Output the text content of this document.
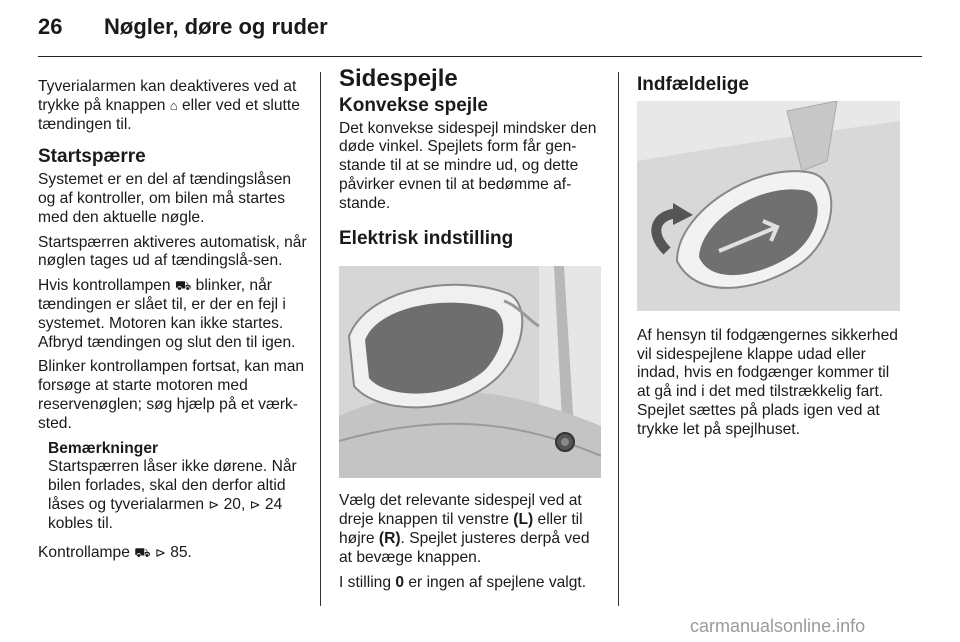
26	Nøgler, døre og ruder

Tyverialarmen kan deaktiveres ved at trykke på knappen ⌂ eller ved et slutte tændingen til.

Startspærre

Systemet er en del af tændingslåsen og af kontroller, om bilen må startes med den aktuelle nøgle.

Startspærren aktiveres automatisk, når nøglen tages ud af tændingslå-sen.

Hvis kontrollampen ⛟ blinker, når tændingen er slået til, er der en fejl i systemet. Motoren kan ikke startes. Afbryd tændingen og slut den til igen.

Blinker kontrollampen fortsat, kan man forsøge at starte motoren med reservenøglen; søg hjælp på et værk-sted.

Bemærkninger
Startspærren låser ikke dørene. Når bilen forlades, skal den derfor altid låses og tyverialarmen ⊳ 20, ⊳ 24 kobles til.

Kontrollampe ⛟ ⊳ 85.

Sidespejle
Konvekse spejle

Det konvekse sidespejl mindsker den døde vinkel. Spejlets form får gen-stande til at se mindre ud, og dette påvirker evnen til at bedømme af-stande.

Elektrisk indstilling

Vælg det relevante sidespejl ved at dreje knappen til venstre (L) eller til højre (R). Spejlet justeres derpå ved at bevæge knappen.

I stilling 0 er ingen af spejlene valgt.

Indfældelige

Af hensyn til fodgængernes sikkerhed vil sidespejlene klappe udad eller indad, hvis en fodgænger kommer til at gå ind i det med tilstrækkelig fart. Spejlet sættes på plads igen ved at trykke let på spejlhuset.

carmanualsonline.info
